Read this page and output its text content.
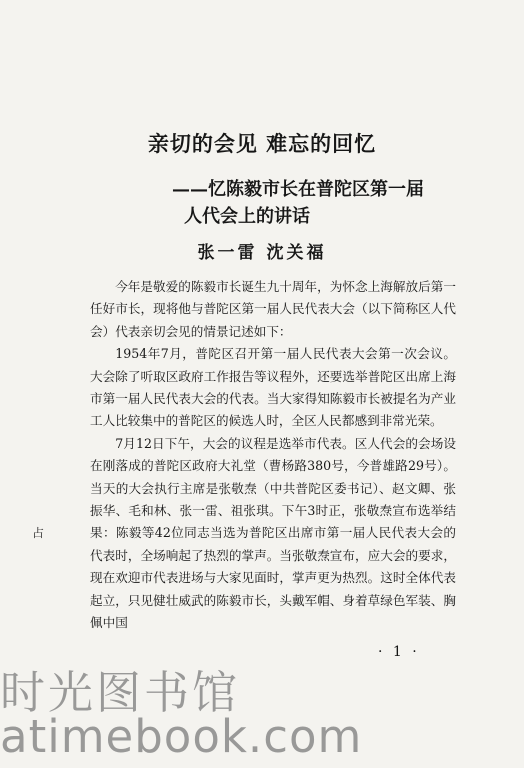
亲切的会见 难忘的回忆
——忆陈毅市长在普陀区第一届
人代会上的讲话
张一雷 沈关福

今年是敬爱的陈毅市长诞生九十周年，为怀念上海解放后第一任好市长，现将他与普陀区第一届人民代表大会（以下简称区人代会）代表亲切会见的情景记述如下：

1954年7月，普陀区召开第一届人民代表大会第一次会议。大会除了听取区政府工作报告等议程外，还要选举普陀区出席上海市第一届人民代表大会的代表。当大家得知陈毅市长被提名为产业工人比较集中的普陀区的候选人时，全区人民都感到非常光荣。

7月12日下午，大会的议程是选举市代表。区人代会的会场设在刚落成的普陀区政府大礼堂（曹杨路380号，今普雄路29号）。当天的大会执行主席是张敬焘（中共普陀区委书记）、赵文卿、张振华、毛和林、张一雷、祖张琪。下午3时正，张敬焘宣布选举结果：陈毅等42位同志当选为普陀区出席市第一届人民代表大会的代表时，全场响起了热烈的掌声。当张敬焘宣布，应大会的要求，现在欢迎市代表进场与大家见面时，掌声更为热烈。这时全体代表起立，只见健壮威武的陈毅市长，头戴军帽、身着草绿色军装、胸佩中国

占
· 1 ·
时光图书馆
atimebook.com
